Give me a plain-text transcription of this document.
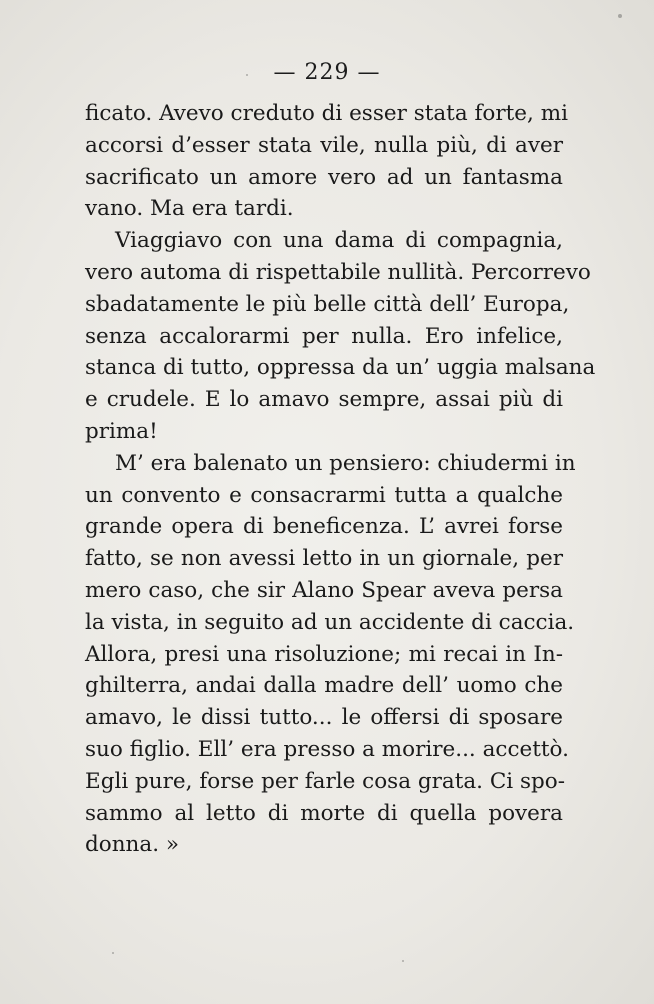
— 229 —
ficato. Avevo creduto di esser stata forte, mi
accorsi d’esser stata vile, nulla più, di aver
sacrificato un amore vero ad un fantasma
vano. Ma era tardi.
Viaggiavo con una dama di compagnia,
vero automa di rispettabile nullità. Percorrevo
sbadatamente le più belle città dell’ Europa,
senza accalorarmi per nulla. Ero infelice,
stanca di tutto, oppressa da un’ uggia malsana
e crudele. E lo amavo sempre, assai più di
prima!
M’ era balenato un pensiero: chiudermi in
un convento e consacrarmi tutta a qualche
grande opera di beneficenza. L’ avrei forse
fatto, se non avessi letto in un giornale, per
mero caso, che sir Alano Spear aveva persa
la vista, in seguito ad un accidente di caccia.
Allora, presi una risoluzione; mi recai in In-
ghilterra, andai dalla madre dell’ uomo che
amavo, le dissi tutto... le offersi di sposare
suo figlio. Ell’ era presso a morire... accettò.
Egli pure, forse per farle cosa grata. Ci spo-
sammo al letto di morte di quella povera
donna. »
